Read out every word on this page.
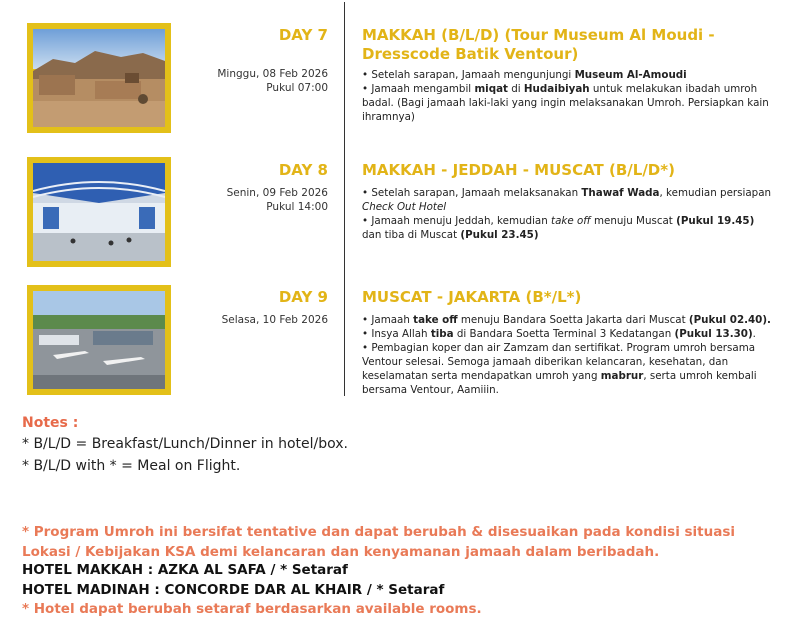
DAY 7
Minggu, 08 Feb 2026
Pukul 07:00
MAKKAH (B/L/D) (Tour Museum Al Moudi - Dresscode Batik Ventour)
• Setelah sarapan, Jamaah mengunjungi Museum Al-Amoudi
• Jamaah mengambil miqat di Hudaibiyah untuk melakukan ibadah umroh badal. (Bagi jamaah laki-laki yang ingin melaksanakan Umroh. Persiapkan kain ihramnya)
DAY 8
Senin, 09 Feb 2026
Pukul 14:00
MAKKAH - JEDDAH - MUSCAT (B/L/D*)
• Setelah sarapan, Jamaah melaksanakan Thawaf Wada, kemudian persiapan Check Out Hotel
• Jamaah menuju Jeddah, kemudian take off menuju Muscat (Pukul 19.45) dan tiba di Muscat (Pukul 23.45)
DAY 9
Selasa, 10 Feb 2026
MUSCAT - JAKARTA (B*/L*)
• Jamaah take off menuju Bandara Soetta Jakarta dari Muscat (Pukul 02.40).
• Insya Allah tiba di Bandara Soetta Terminal 3 Kedatangan (Pukul 13.30).
• Pembagian koper dan air Zamzam dan sertifikat. Program umroh bersama Ventour selesai. Semoga jamaah diberikan kelancaran, kesehatan, dan keselamatan serta mendapatkan umroh yang mabrur, serta umroh kembali bersama Ventour, Aamiiin.
Notes :
* B/L/D = Breakfast/Lunch/Dinner in hotel/box.
* B/L/D with * = Meal on Flight.
* Program Umroh ini bersifat tentative dan dapat berubah & disesuaikan pada kondisi situasi Lokasi / Kebijakan KSA demi kelancaran dan kenyamanan jamaah dalam beribadah.
HOTEL MAKKAH : AZKA AL SAFA / * Setaraf
HOTEL MADINAH : CONCORDE DAR AL KHAIR / * Setaraf
* Hotel dapat berubah setaraf berdasarkan available rooms.
